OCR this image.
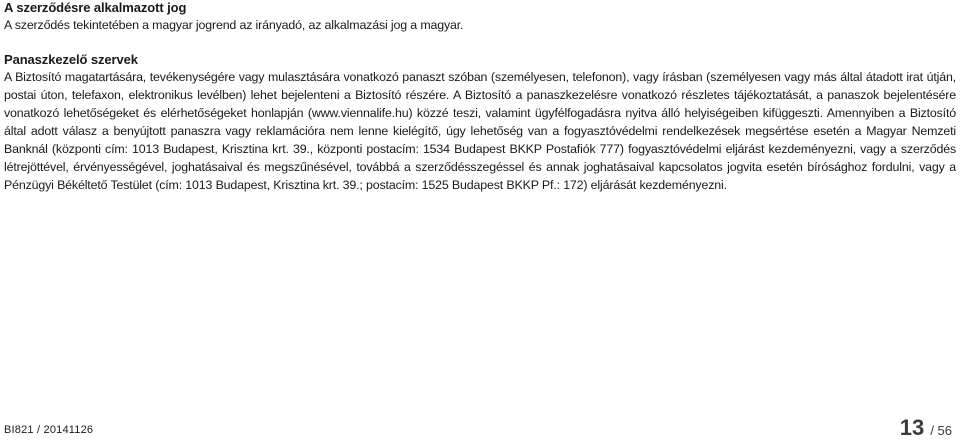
A szerződésre alkalmazott jog

A szerződés tekintetében a magyar jogrend az irányadó, az alkalmazási jog a magyar.

Panaszkezelő szervek

A Biztosító magatartására, tevékenységére vagy mulasztására vonatkozó panaszt szóban (személyesen, telefonon), vagy írásban (személyesen vagy más által átadott irat útján, postai úton, telefaxon, elektronikus levélben) lehet bejelenteni a Biztosító részére. A Biztosító a panaszkezelésre vonatkozó részletes tájékoztatását, a panaszok bejelentésére vonatkozó lehetőségeket és elérhetőségeket honlapján (www.viennalife.hu) közzé teszi, valamint ügyfélfogadásra nyitva álló helyiségeiben kifüggeszti. Amennyiben a Biztosító által adott válasz a benyújtott panaszra vagy reklamációra nem lenne kielégítő, úgy lehetőség van a fogyasztóvédelmi rendelkezések megsértése esetén a Magyar Nemzeti Banknál (központi cím: 1013 Budapest, Krisztina krt. 39., központi postacím: 1534 Budapest BKKP Postafiók 777) fogyasztóvédelmi eljárást kezdeményezni, vagy a szerződés létrejöttével, érvényességével, joghatásaival és megszűnésével, továbbá a szerződésszegéssel és annak joghatásaival kapcsolatos jogvita esetén bírósághoz fordulni, vagy a Pénzügyi Békéltető Testület (cím: 1013 Budapest, Krisztina krt. 39.; postacím: 1525 Budapest BKKP Pf.: 172) eljárását kezdeményezni.

BI821 / 20141126	13 / 56
